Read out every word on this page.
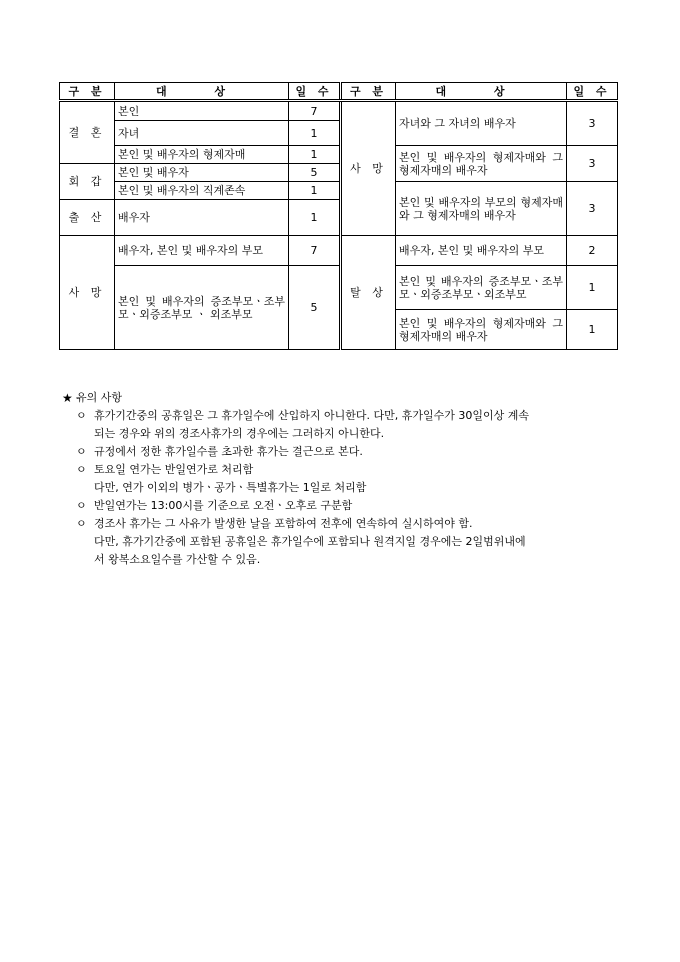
구 분	대 상	일 수	구 분	대 상	일 수
결 혼	본인	7	사 망	자녀와 그 자녀의 배우자	3
	자녀	1			
	본인 및 배우자의 형제자매	1		본인 및 배우자의 형제자매와 그 형제자매의 배우자	3
회 갑	본인 및 배우자	5			
	본인 및 배우자의 직계존속	1		본인 및 배우자의 부모의 형제자매와 그 형제자매의 배우자	3
출 산	배우자	1			
사 망	배우자, 본인 및 배우자의 부모	7	탈 상	배우자, 본인 및 배우자의 부모	2
	본인 및 배우자의 증조부모ㆍ조부모ㆍ외증조부모 ㆍ 외조부모	5		본인 및 배우자의 증조부모ㆍ조부모ㆍ외증조부모ㆍ외조부모	1
				본인 및 배우자의 형제자매와 그 형제자매의 배우자	1
★ 유의 사항
ㅇ 휴가기간중의 공휴일은 그 휴가일수에 산입하지 아니한다. 다만, 휴가일수가 30일이상 계속
되는 경우와 위의 경조사휴가의 경우에는 그러하지 아니한다.
ㅇ 규정에서 정한 휴가일수를 초과한 휴가는 결근으로 본다.
ㅇ 토요일 연가는 반일연가로 처리함
다만, 연가 이외의 병가ㆍ공가ㆍ특별휴가는 1일로 처리함
ㅇ 반일연가는 13:00시를 기준으로 오전ㆍ오후로 구분함
ㅇ 경조사 휴가는 그 사유가 발생한 날을 포함하여 전후에 연속하여 실시하여야 함.
다만, 휴가기간중에 포함된 공휴일은 휴가일수에 포함되나 원격지일 경우에는 2일범위내에
서 왕복소요일수를 가산할 수 있음.
